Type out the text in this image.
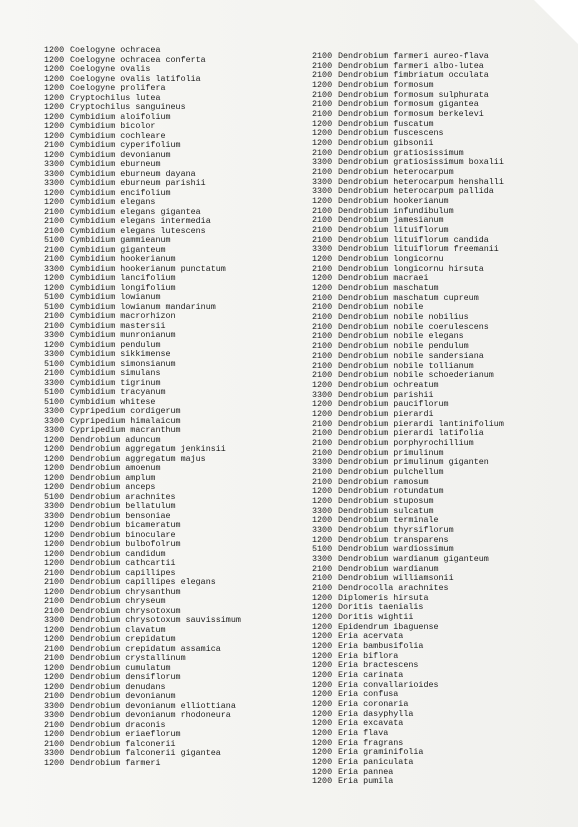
1200 Coelogyne ochracea
1200 Coelogyne ochracea conferta
1200 Coelogyne ovalis
1200 Coelogyne ovalis latifolia
1200 Coelogyne prolifera
1200 Cryptochilus lutea
1200 Cryptochilus sanguineus
1200 Cymbidium aloifolium
1200 Cymbidium bicolor
1200 Cymbidium cochleare
2100 Cymbidium cyperifolium
1200 Cymbidium devonianum
3300 Cymbidium eburneum
3300 Cymbidium eburneum dayana
3300 Cymbidium eburneum parishii
1200 Cymbidium encifolium
1200 Cymbidium elegans
2100 Cymbidium elegans gigantea
2100 Cymbidium elegans intermedia
2100 Cymbidium elegans lutescens
5100 Cymbidium gammieanum
2100 Cymbidium giganteum
2100 Cymbidium hookerianum
3300 Cymbidium hookerianum punctatum
1200 Cymbidium lancifolium
1200 Cymbidium longifolium
5100 Cymbidium lowianum
5100 Cymbidium lowianum mandarinum
2100 Cymbidium macrorhizon
2100 Cymbidium mastersii
3300 Cymbidium munronianum
1200 Cymbidium pendulum
3300 Cymbidium sikkimense
5100 Cymbidium simonsianum
2100 Cymbidium simulans
3300 Cymbidium tigrinum
5100 Cymbidium tracyanum
5100 Cymbidium whitese
3300 Cypripedium cordigerum
3300 Cypripedium himalaicum
3300 Cypripedium macranthum
1200 Dendrobium aduncum
1200 Dendrobium aggregatum jenkinsii
1200 Dendrobium aggregatum majus
1200 Dendrobium amoenum
1200 Dendrobium amplum
1200 Dendrobium anceps
5100 Dendrobium arachnites
3300 Dendrobium bellatulum
3300 Dendrobium bensoniae
1200 Dendrobium bicameratum
1200 Dendrobium binoculare
1200 Dendrobium bulbofolrum
1200 Dendrobium candidum
1200 Dendrobium cathcartii
2100 Dendrobium capillipes
2100 Dendrobium capillipes elegans
1200 Dendrobium chrysanthum
2100 Dendrobium chryseum
2100 Dendrobium chrysotoxum
3300 Dendrobium chrysotoxum sauvissimum
1200 Dendrobium clavatum
1200 Dendrobium crepidatum
2100 Dendrobium crepidatum assamica
2100 Dendrobium crystallinum
1200 Dendrobium cumulatum
1200 Dendrobium densiflorum
1200 Dendrobium denudans
2100 Dendrobium devonianum
3300 Dendrobium devonianum elliottiana
3300 Dendrobium devonianum rhodoneura
2100 Dendrobium draconis
1200 Dendrobium eriaeflorum
2100 Dendrobium falconerii
3300 Dendrobium falconerii gigantea
1200 Dendrobium farmeri
2100 Dendrobium farmeri aureo-flava
2100 Dendrobium farmeri albo-lutea
2100 Dendrobium fimbriatum occulata
1200 Dendrobium formosum
2100 Dendrobium formosum sulphurata
2100 Dendrobium formosum gigantea
2100 Dendrobium formosum berkelevi
1200 Dendrobium fuscatum
1200 Dendrobium fuscescens
1200 Dendrobium gibsonii
2100 Dendrobium gratiosissimum
3300 Dendrobium gratiosissimum boxalii
2100 Dendrobium heterocarpum
3300 Dendrobium heterocarpum henshalli
3300 Dendrobium heterocarpum pallida
1200 Dendrobium hookerianum
2100 Dendrobium infundibulum
2100 Dendrobium jamesianum
2100 Dendrobium lituiflorum
2100 Dendrobium lituiflorum candida
3300 Dendrobium lituiflorum freemanii
1200 Dendrobium longicornu
2100 Dendrobium longicornu hirsuta
1200 Dendrobium macraei
1200 Dendrobium maschatum
2100 Dendrobium maschatum cupreum
2100 Dendrobium nobile
2100 Dendrobium nobile nobilius
2100 Dendrobium nobile coerulescens
2100 Dendrobium nobile elegans
2100 Dendrobium nobile pendulum
2100 Dendrobium nobile sandersiana
2100 Dendrobium nobile tollianum
2100 Dendrobium nobile schoederianum
1200 Dendrobium ochreatum
3300 Dendrobium parishii
1200 Dendrobium pauciflorum
1200 Dendrobium pierardi
2100 Dendrobium pierardi lantinifolium
2100 Dendrobium pierardi latifolia
2100 Dendrobium porphyrochillium
2100 Dendrobium primulinum
3300 Dendrobium primulinum giganten
2100 Dendrobium pulchellum
2100 Dendrobium ramosum
1200 Dendrobium rotundatum
1200 Dendrobium stuposum
3300 Dendrobium sulcatum
1200 Dendrobium terminale
3300 Dendrobium thyrsiflorum
1200 Dendrobium transparens
5100 Dendrobium wardiossimum
3300 Dendrobium wardianum giganteum
2100 Dendrobium wardianum
2100 Dendrobium williamsonii
2100 Dendrocolla arachnites
1200 Diplomeris hirsuta
1200 Doritis taenialis
1200 Doritis wightii
1200 Epidendrum ibaguense
1200 Eria acervata
1200 Eria bambusifolia
1200 Eria biflora
1200 Eria bractescens
1200 Eria carinata
1200 Eria convallarioides
1200 Eria confusa
1200 Eria coronaria
1200 Eria dasyphylla
1200 Eria excavata
1200 Eria flava
1200 Eria fragrans
1200 Eria graminifolia
1200 Eria paniculata
1200 Eria pannea
1200 Eria pumila
